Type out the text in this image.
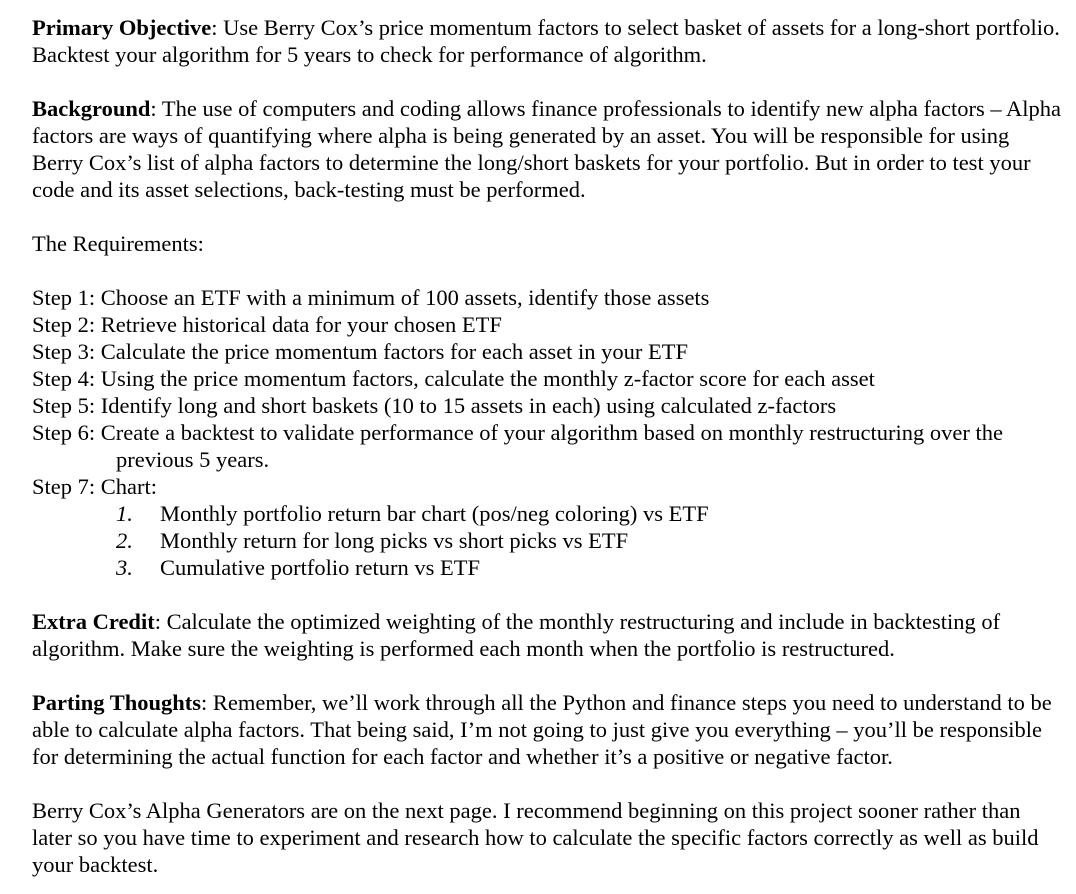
Primary Objective: Use Berry Cox’s price momentum factors to select basket of assets for a long-short portfolio. Backtest your algorithm for 5 years to check for performance of algorithm.

Background: The use of computers and coding allows finance professionals to identify new alpha factors – Alpha factors are ways of quantifying where alpha is being generated by an asset. You will be responsible for using Berry Cox’s list of alpha factors to determine the long/short baskets for your portfolio. But in order to test your code and its asset selections, back-testing must be performed.

The Requirements:

Step 1: Choose an ETF with a minimum of 100 assets, identify those assets

Step 2: Retrieve historical data for your chosen ETF

Step 3: Calculate the price momentum factors for each asset in your ETF

Step 4: Using the price momentum factors, calculate the monthly z-factor score for each asset

Step 5: Identify long and short baskets (10 to 15 assets in each) using calculated z-factors

Step 6: Create a backtest to validate performance of your algorithm based on monthly restructuring over the previous 5 years.

Step 7: Chart:

1. Monthly portfolio return bar chart (pos/neg coloring) vs ETF
2. Monthly return for long picks vs short picks vs ETF
3. Cumulative portfolio return vs ETF

Extra Credit: Calculate the optimized weighting of the monthly restructuring and include in backtesting of algorithm. Make sure the weighting is performed each month when the portfolio is restructured.

Parting Thoughts: Remember, we’ll work through all the Python and finance steps you need to understand to be able to calculate alpha factors. That being said, I’m not going to just give you everything – you’ll be responsible for determining the actual function for each factor and whether it’s a positive or negative factor.

Berry Cox’s Alpha Generators are on the next page. I recommend beginning on this project sooner rather than later so you have time to experiment and research how to calculate the specific factors correctly as well as build your backtest.
